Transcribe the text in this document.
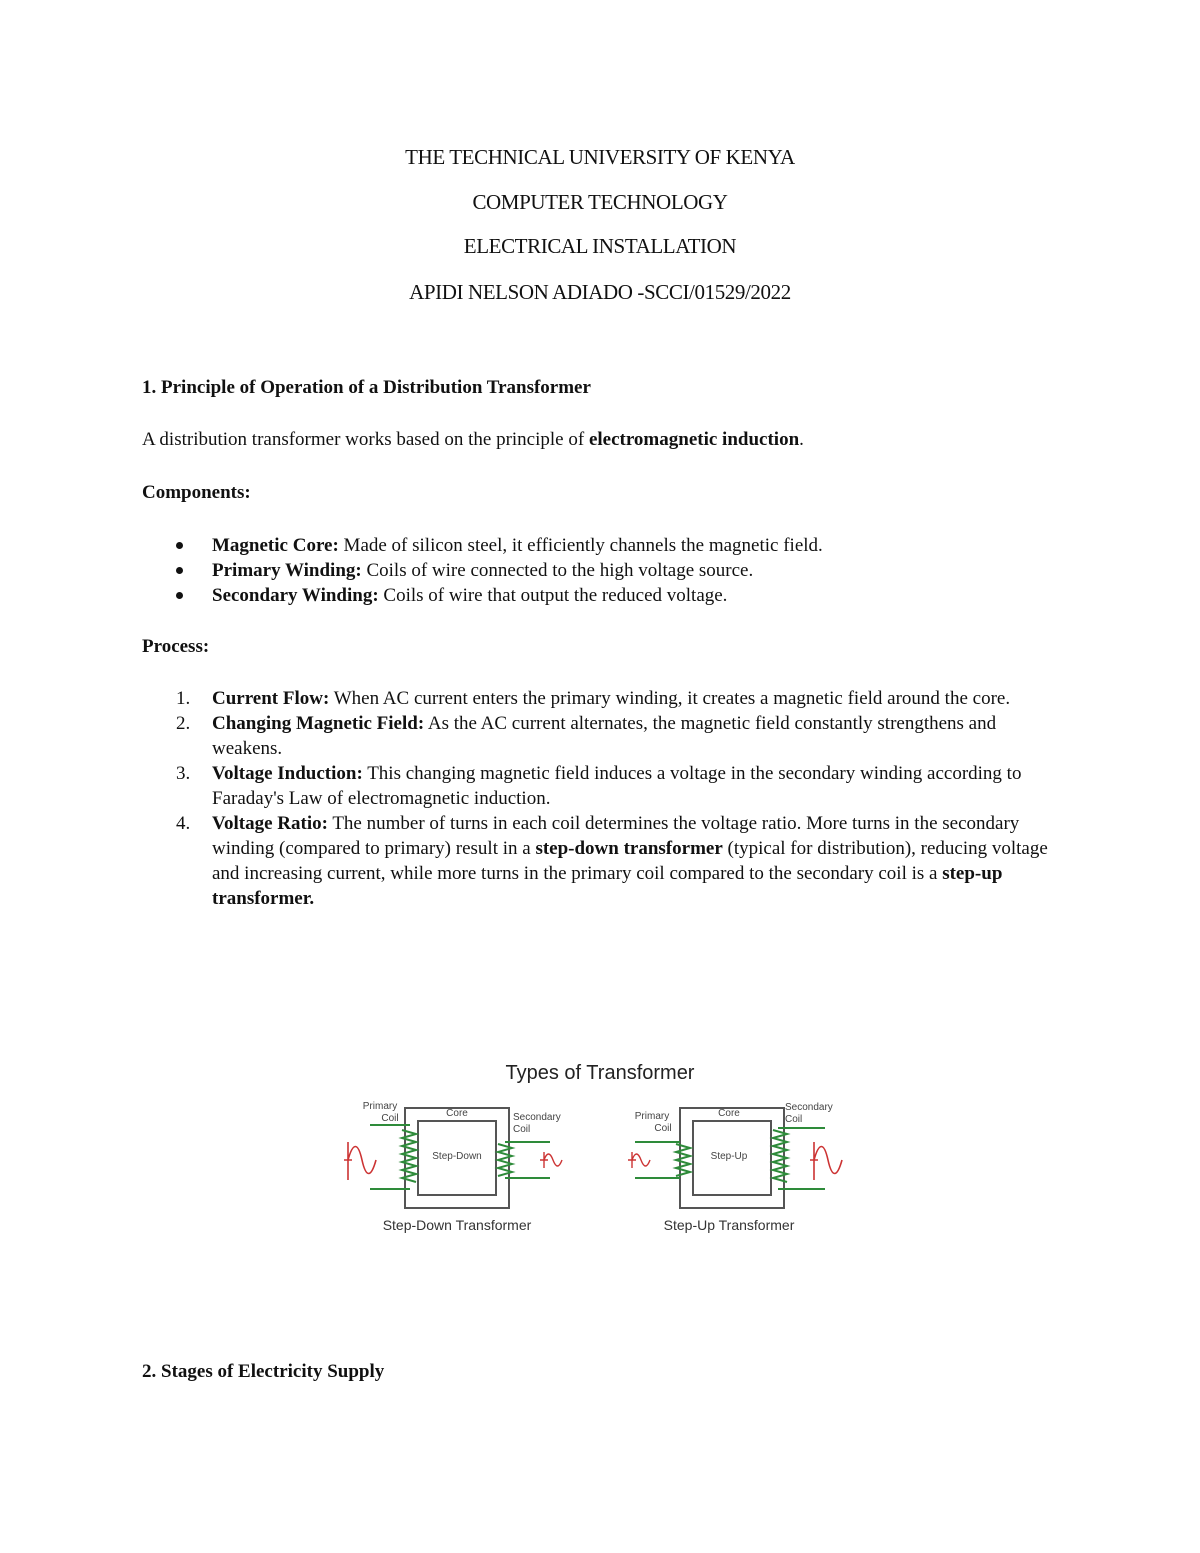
THE TECHNICAL UNIVERSITY OF KENYA
COMPUTER TECHNOLOGY
ELECTRICAL INSTALLATION
APIDI NELSON ADIADO -SCCI/01529/2022
1. Principle of Operation of a Distribution Transformer
A distribution transformer works based on the principle of electromagnetic induction.
Components:
Magnetic Core: Made of silicon steel, it efficiently channels the magnetic field.
Primary Winding: Coils of wire connected to the high voltage source.
Secondary Winding: Coils of wire that output the reduced voltage.
Process:
1. Current Flow: When AC current enters the primary winding, it creates a magnetic field around the core.
2. Changing Magnetic Field: As the AC current alternates, the magnetic field constantly strengthens and weakens.
3. Voltage Induction: This changing magnetic field induces a voltage in the secondary winding according to Faraday's Law of electromagnetic induction.
4. Voltage Ratio: The number of turns in each coil determines the voltage ratio. More turns in the secondary winding (compared to primary) result in a step-down transformer (typical for distribution), reducing voltage and increasing current, while more turns in the primary coil compared to the secondary coil is a step-up transformer.
Types of Transformer
Core
Step-Down
Primary
Coil	Secondary
Coil
Step-Down Transformer
Core
Step-Up
Primary
Coil
Secondary
Coil
Step-Up Transformer
2. Stages of Electricity Supply
